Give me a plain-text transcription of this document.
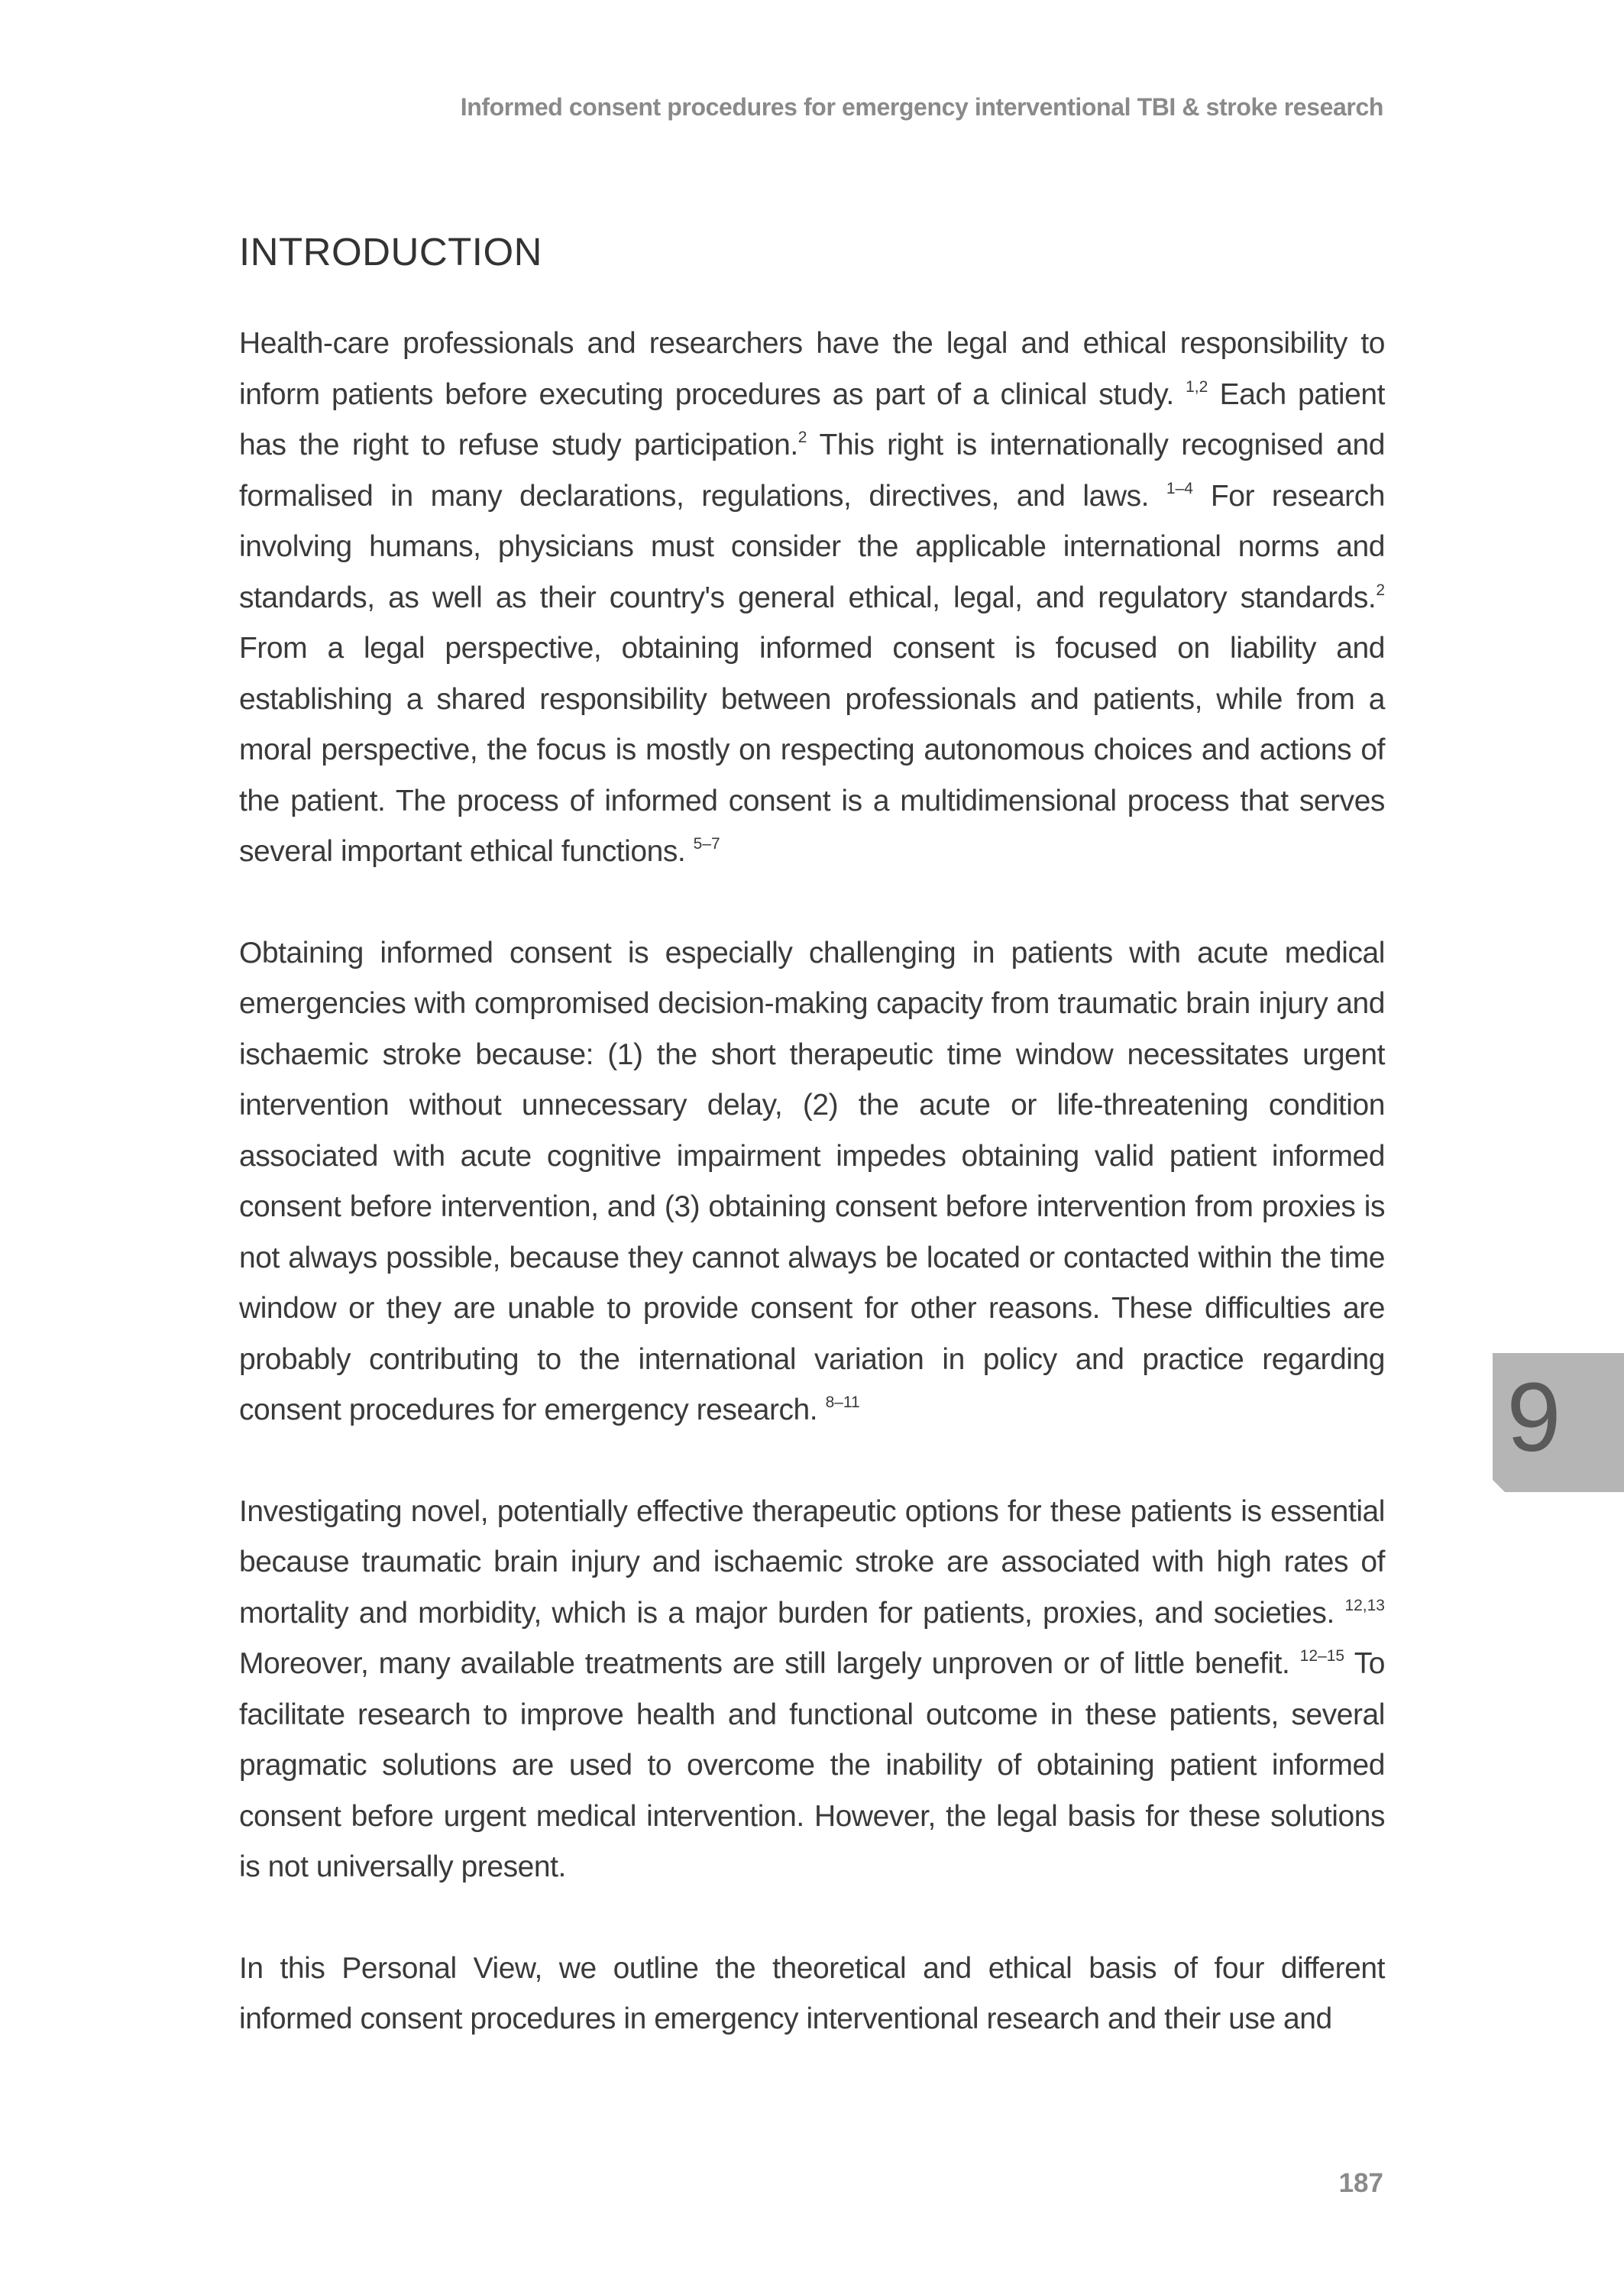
Informed consent procedures for emergency interventional TBI & stroke research
INTRODUCTION

Health-care professionals and researchers have the legal and ethical responsibility to inform patients before executing procedures as part of a clinical study. $^{1,2}$ Each patient has the right to refuse study participation.$^2$ This right is internationally recognised and formalised in many declarations, regulations, directives, and laws. $^{1-4}$ For research involving humans, physicians must consider the applicable international norms and standards, as well as their country's general ethical, legal, and regulatory standards.$^2$ From a legal perspective, obtaining informed consent is focused on liability and establishing a shared responsibility between professionals and patients, while from a moral perspective, the focus is mostly on respecting autonomous choices and actions of the patient. The process of informed consent is a multidimensional process that serves several important ethical functions. $^{5-7}$

Obtaining informed consent is especially challenging in patients with acute medical emergencies with compromised decision-making capacity from traumatic brain injury and ischaemic stroke because: (1) the short therapeutic time window necessitates urgent intervention without unnecessary delay, (2) the acute or life-threatening condition associated with acute cognitive impairment impedes obtaining valid patient informed consent before intervention, and (3) obtaining consent before intervention from proxies is not always possible, because they cannot always be located or contacted within the time window or they are unable to provide consent for other reasons. These difficulties are probably contributing to the international variation in policy and practice regarding consent procedures for emergency research. $^{8-11}$

Investigating novel, potentially effective therapeutic options for these patients is essential because traumatic brain injury and ischaemic stroke are associated with high rates of mortality and morbidity, which is a major burden for patients, proxies, and societies. $^{12,13}$ Moreover, many available treatments are still largely unproven or of little benefit. $^{12-15}$ To facilitate research to improve health and functional outcome in these patients, several pragmatic solutions are used to overcome the inability of obtaining patient informed consent before urgent medical intervention. However, the legal basis for these solutions is not universally present.

In this Personal View, we outline the theoretical and ethical basis of four different informed consent procedures in emergency interventional research and their use and

9
187
